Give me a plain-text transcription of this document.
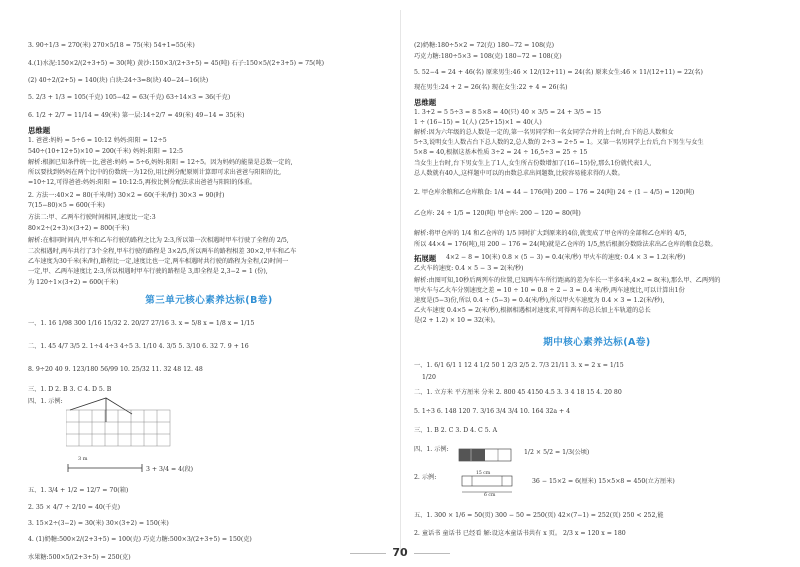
3. 90÷1/3 = 270(米) 270×5/18 = 75(米) 54+1=55(米)
4.(1)水泥:150×2/(2+3+5) = 30(吨) 黄沙:150×3/(2+3+5) = 45(吨) 石子:150×5/(2+3+5) = 75(吨)
(2) 40÷2/(2+5) = 140(块) 白块:24÷3=8(块) 40−24−16(块)
5. 2/3 + 1/3 = 105(千克) 105−42 = 63(千克) 63÷14×3 = 36(千克)
6. 1/2 + 2/7 = 11/14 = 49(米) 第一层:14÷2/7 = 49(米) 49−14 = 35(米)
思维题
1. 爸爸:妈妈 = 5÷6 = 10:12 妈妈:阳阳 = 12÷5
540÷(10+12+5)×10 = 200(千米) 妈妈:阳阳 = 12:5
解析:根据已知条件统一比,爸爸:妈妈 = 5÷6,妈妈:阳阳 = 12÷5。因为妈妈的能量是总数一定的,
所以要找到妈妈在两个比中的份数统一为12份,用比例分配原则计算即可求出爸爸与阳阳的比,
=10÷12,可得爸爸:妈妈:阳阳 = 10:12:5,再按比例分配法求出爸爸与阳阳的体重。
2. 方法一:40×2 = 80(千米/时) 30×2 = 60(千米/时) 30×3 = 90(时)
7(15−80)×5 = 600(千米)
方法二:甲、乙两车行驶时间相同,速度比一定:3
80×2÷(2+3)×(3+2) = 800(千米)
解析:在相同时间内,甲车和乙车行驶的路程之比为 2:3,所以第一次相遇时甲车行驶了全程的 2/5,
二次相遇时,两车共行了3个全程,甲车行驶的路程是 3×2/5,所以两车的路程相差 30×2,甲车和乙车
乙车速度为30千米(米/时),路程比一定,速度比也一定,两车相遇时共行驶的路程为全程,(2)时间一
一定,甲、乙两车速度比 2:3,所以相遇时甲车行驶的路程是 3,即全程是 2,3−2 = 1 (份),
为 120÷1×(3+2) = 600(千米)
第三单元核心素养达标(B卷)
一、1. 16 1/98 300 1/16 15/32 2. 20/27 27/16 3. x = 5/8 x = 1/8 x = 1/15
二、1. 45 4/7 3/5 2. 1÷4 4÷3 4÷5 3. 1/10 4. 3/5 5. 3/10 6. 32 7. 9 + 16
8. 9÷20 40 9. 123/180 56/99 10. 25/32 11. 32 48 12. 48
三、1. D 2. B 3. C 4. D 5. B
四、1. 示例:
3 m
3 + 3/4 = 4(段)
五、1. 3/4 + 1/2 = 12/7 = 70(箱)
2. 35 × 4/7 ÷ 2/10 = 40(千克)
3. 15×2÷(3−2) = 30(米) 30×(3+2) = 150(米)
4. (1)奶糖:500×2/(2+3+5) = 100(克) 巧克力糖:500×3/(2+3+5) = 150(克)
水果糖:500×5/(2+3+5) = 250(克)
(2)奶糖:180÷5×2 = 72(克) 180−72 = 108(克)
巧克力糖:180÷5×3 = 108(克) 180−72 = 108(克)
5. 52−4 = 24 + 46(名) 原来男生:46 × 12/(12+11) = 24(名) 原来女生:46 × 11/(12+11) = 22(名)
现在男生:24 + 2 = 26(名) 现在女生:22 + 4 = 26(名)
思维题
1. 3+2 = 5 5÷3 = 8 5×8 = 40(只) 40 × 3/5 = 24 + 3/5 = 15
1 ÷ (16−15) = 1(人) (25+15)×1 = 40(人)
解析:因为六年级的总人数是一定的,第一名男同学和一名女同学合并的上台时,台下的总人数和女
5÷3,说明女生人数占台下总人数的2,总人数的 2÷3 = 2÷5 = 1。又第一名男同学上台后,台下男生与女生
5×8 = 40,根据这基本性质 3÷2 = 24 ÷ 16,5÷3 = 25 ÷ 15
当女生上台时,台下男女生上了1人,女生所占份数增加了(16−15)份,那么1份就代表1人,
总人数就有40人,这样题中可以的由数总求出问题数,比较容易能求得的人数。
2. 甲仓库余粮和乙仓库粮食: 1/4 = 44 − 176(吨) 200 − 176 = 24(吨) 24 ÷ (1 − 4/5) = 120(吨)
乙仓库: 24 ÷ 1/5 = 120(吨) 甲仓库: 200 − 120 = 80(吨)
解析:将甲仓库的 1/4 和乙仓库的 1/5 同时扩大到原来的4倍,就变成了甲仓库的全部和乙仓库的 4/5,
所以 44×4 = 176(吨),用 200 − 176 = 24(吨)就是乙仓库的 1/5,然后根据分数除法求出乙仓库的粮食总数。
拓展题 4×2 − 8 = 10(米) 0.8 × (5 − 3) = 0.4(米/秒) 甲火车的速度: 0.4 × 3 = 1.2(米/秒)
乙火车的速度: 0.4 × 5 − 3 = 2(米/秒)
解析:由图可知,10秒后两列车的位置,已知两车车所行距离的差为车长一半多4米,4×2 = 8(米),那么甲、乙两列的
甲火车与乙火车分别速度之差 = 10 ÷ 10 = 0.8 ÷ 2 − 3 = 0.4 米/秒,两车速度比,可以计算出1份
速度是(5−3)份,所以 0.4 ÷ (5−3) = 0.4(米/秒),所以甲火车速度为 0.4 × 3 = 1.2(米/秒),
乙火车速度 0.4×5 = 2(米/秒),根据相遇相对速度求,可得两车的总长加上车轨道的总长
是(2 + 1.2) × 10 = 32(米)。
期中核心素养达标(A卷)
一、1. 6/1 6/1 1 12 4 1/2 50 1 2/3 2/5 2. 7/3 21/11 3. x = 2 x = 1/15
1/20
二、1. 立方米 平方厘米 分米 2. 800 45 4150 4.5 3. 3 4 18 15 4. 20 80
5. 1÷3 6. 148 120 7. 3/16 3/4 3/4 10. 164 32a + 4
三、1. B 2. C 3. D 4. C 5. A
四、1. 示例:	1/2 × 5/2 = 1/3(公顷)
2. 示例:
15 cm
6 cm
36 − 15×2 = 6(厘米) 15×5×8 = 450(立方厘米)
五、1. 300 × 1/6 = 50(页) 300 − 50 = 250(页) 42×(7−1) = 252(页) 250 < 252,能
2. 童话书 童话书 已经看 解:设这本童话书共有 x 页。 2/3 x = 120 x = 180
70
